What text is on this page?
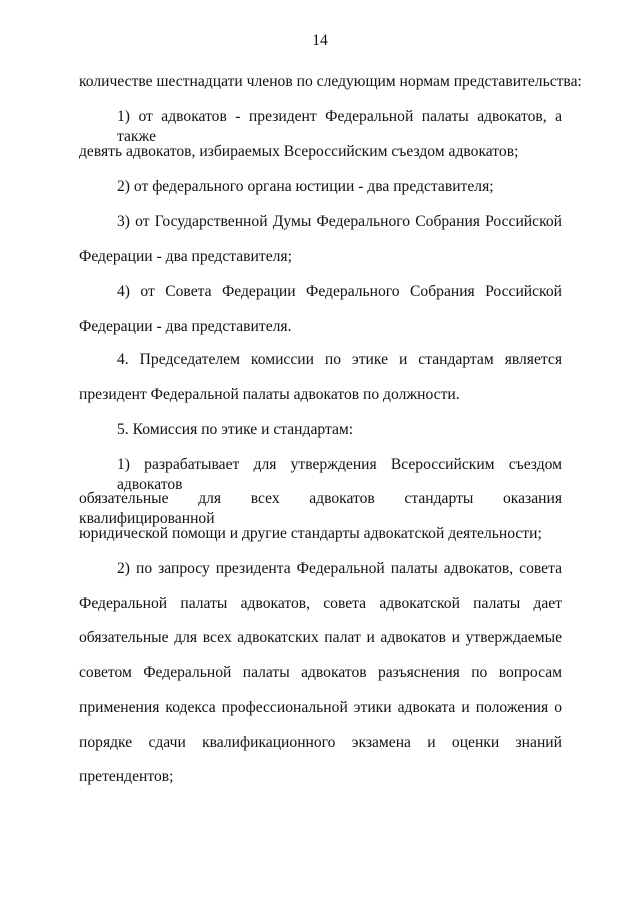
14
количестве шестнадцати членов по следующим нормам представительства:
1) от адвокатов - президент Федеральной палаты адвокатов, а также
девять адвокатов, избираемых Всероссийским съездом адвокатов;
2) от федерального органа юстиции - два представителя;
3) от Государственной Думы Федерального Собрания Российской
Федерации - два представителя;
4) от Совета Федерации Федерального Собрания Российской
Федерации - два представителя.
4. Председателем комиссии по этике и стандартам является
президент Федеральной палаты адвокатов по должности.
5. Комиссия по этике и стандартам:
1) разрабатывает для утверждения Всероссийским съездом адвокатов
обязательные для всех адвокатов стандарты оказания квалифицированной
юридической помощи и другие стандарты адвокатской деятельности;
2) по запросу президента Федеральной палаты адвокатов, совета
Федеральной палаты адвокатов, совета адвокатской палаты дает
обязательные для всех адвокатских палат и адвокатов и утверждаемые
советом Федеральной палаты адвокатов разъяснения по вопросам
применения кодекса профессиональной этики адвоката и положения о
порядке сдачи квалификационного экзамена и оценки знаний
претендентов;
